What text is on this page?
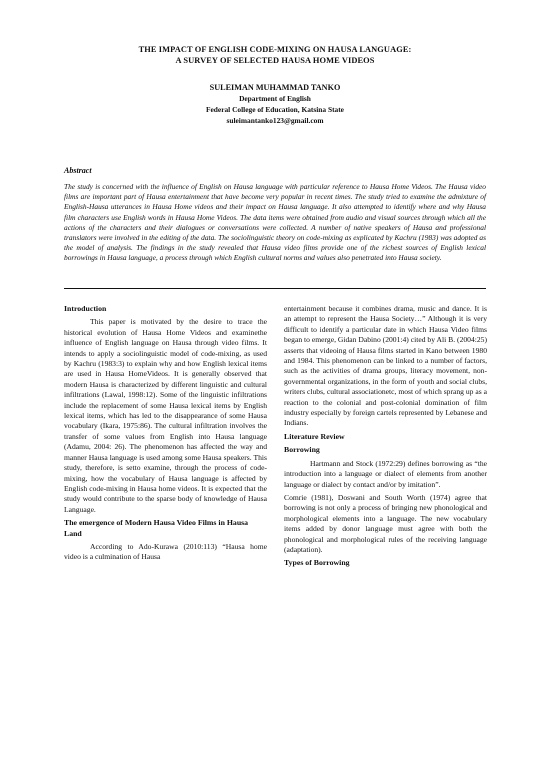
THE IMPACT OF ENGLISH CODE-MIXING ON HAUSA LANGUAGE:
A SURVEY OF SELECTED HAUSA HOME VIDEOS
SULEIMAN MUHAMMAD TANKO
Department of English
Federal College of Education, Katsina State
suleimantanko123@gmail.com
Abstract
The study is concerned with the influence of English on Hausa language with particular reference to Hausa Home Videos. The Hausa video films are important part of Hausa entertainment that have become very popular in recent times. The study tried to examine the admixture of English-Hausa utterances in Hausa Home videos and their impact on Hausa language. It also attempted to identify where and why Hausa film characters use English words in Hausa Home Videos. The data items were obtained from audio and visual sources through which all the actions of the characters and their dialogues or conversations were collected. A number of native speakers of Hausa and professional translators were involved in the editing of the data. The sociolinguistic theory on code-mixing as explicated by Kachru (1983) was adopted as the model of analysis. The findings in the study revealed that Hausa video films provide one of the richest sources of English lexical borrowings in Hausa language, a process through which English cultural norms and values also penetrated into Hausa society.
Introduction

This paper is motivated by the desire to trace the historical evolution of Hausa Home Videos and examinethe influence of English language on Hausa through video films. It intends to apply a sociolinguistic model of code-mixing, as used by Kachru (1983:3) to explain why and how English lexical items are used in Hausa HomeVideos. It is generally observed that modern Hausa is characterized by different linguistic and cultural infiltrations (Lawal, 1998:12). Some of the linguistic infiltrations include the replacement of some Hausa lexical items by English lexical items, which has led to the disappearance of some Hausa vocabulary (Ikara, 1975:86). The cultural infiltration involves the transfer of some values from English into Hausa language (Adamu, 2004: 26). The phenomenon has affected the way and manner Hausa language is used among some Hausa speakers. This study, therefore, is setto examine, through the process of code-mixing, how the vocabulary of Hausa language is affected by English code-mixing in Hausa home videos. It is expected that the study would contribute to the sparse body of knowledge of Hausa Language.

The emergence of Modern Hausa Video Films in Hausa Land

According to Ado-Kurawa (2010:113) “Hausa home video is a culmination of Hausa

entertainment because it combines drama, music and dance. It is an attempt to represent the Hausa Society…” Although it is very difficult to identify a particular date in which Hausa Video films began to emerge, Gidan Dabino (2001:4) cited by Ali B. (2004:25) asserts that videoing of Hausa films started in Kano between 1980 and 1984. This phenomenon can be linked to a number of factors, such as the activities of drama groups, literacy movement, non-governmental organizations, in the form of youth and social clubs, writers clubs, cultural associationetc, most of which sprang up as a reaction to the colonial and post-colonial domination of film industry especially by foreign cartels represented by Lebanese and Indians.

Literature Review
Borrowing

Hartmann and Stock (1972:29) defines borrowing as “the introduction into a language or dialect of elements from another language or dialect by contact and/or by imitation”.

Comrie (1981), Doswani and South Worth (1974) agree that borrowing is not only a process of bringing new phonological and morphological elements into a language. The new vocabulary items added by donor language must agree with both the phonological and morphological rules of the receiving language (adaptation).

Types of Borrowing
